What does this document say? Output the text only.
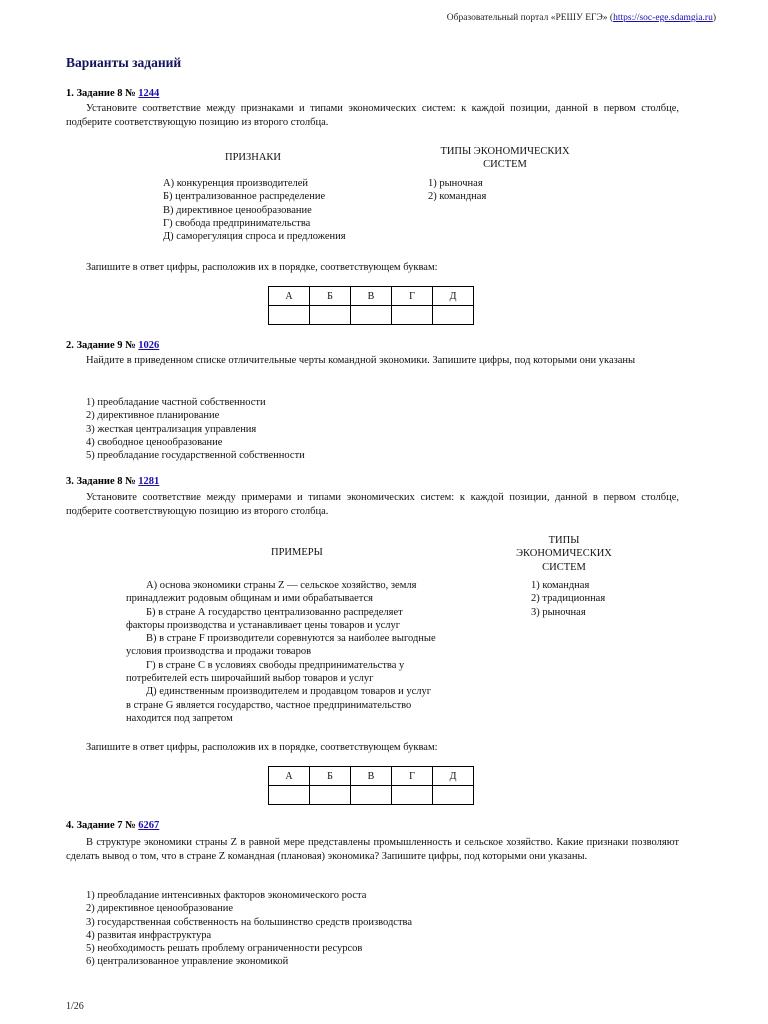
Образовательный портал «РЕШУ ЕГЭ» (https://soc-ege.sdamgia.ru)
Варианты заданий
1. Задание 8 № 1244
Установите соответствие между признаками и типами экономических систем: к каждой позиции, данной в первом столбце, подберите соответствующую позицию из второго столбца.
ПРИЗНАКИ
ТИПЫ ЭКОНОМИЧЕСКИХ
СИСТЕМ
А) конкуренция производителей
Б) централизованное распределение
В) директивное ценообразование
Г) свобода предпринимательства
Д) саморегуляция спроса и предложения
1) рыночная
2) командная
Запишите в ответ цифры, расположив их в порядке, соответствующем буквам:
А	Б	В	Г	Д

2. Задание 9 № 1026
Найдите в приведенном списке отличительные черты командной экономики. Запишите цифры, под которыми они указаны
1) преобладание частной собственности
2) директивное планирование
3) жесткая централизация управления
4) свободное ценообразование
5) преобладание государственной собственности
3. Задание 8 № 1281
Установите соответствие между примерами и типами экономических систем: к каждой позиции, данной в первом столбце, подберите соответствующую позицию из второго столбца.
ПРИМЕРЫ
ТИПЫ
ЭКОНОМИЧЕСКИХ
СИСТЕМ
А) основа экономики страны Z — сельское хозяйство, земля
принадлежит родовым общинам и ими обрабатывается
Б) в стране А государство централизованно распределяет
факторы производства и устанавливает цены товаров и услуг
В) в стране F производители соревнуются за наиболее выгодные
условия производства и продажи товаров
Г) в стране С в условиях свободы предпринимательства у
потребителей есть широчайший выбор товаров и услуг
Д) единственным производителем и продавцом товаров и услуг
в стране G является государство, частное предпринимательство
находится под запретом
1) командная
2) традиционная
3) рыночная
Запишите в ответ цифры, расположив их в порядке, соответствующем буквам:
А	Б	В	Г	Д

4. Задание 7 № 6267
В структуре экономики страны Z в равной мере представлены промышленность и сельское хозяйство. Какие признаки позволяют сделать вывод о том, что в стране Z командная (плановая) экономика? Запишите цифры, под которыми они указаны.
1) преобладание интенсивных факторов экономического роста
2) директивное ценообразование
3) государственная собственность на большинство средств производства
4) развитая инфраструктура
5) необходимость решать проблему ограниченности ресурсов
6) централизованное управление экономикой
1/26
